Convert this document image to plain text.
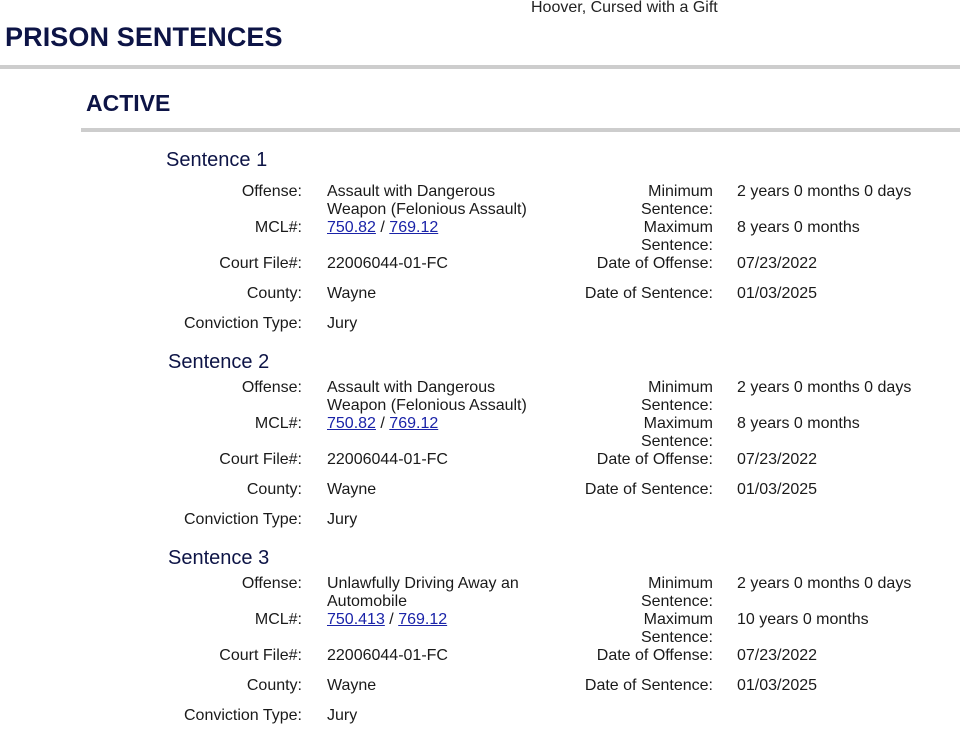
Hoover, Cursed with a Gift
PRISON SENTENCES
ACTIVE
Sentence 1
Offense: Assault with Dangerous Weapon (Felonious Assault)
MCL#: 750.82 / 769.12
Court File#: 22006044-01-FC
County: Wayne
Conviction Type: Jury
Minimum Sentence:
2 years 0 months 0 days
Maximum Sentence:
8 years 0 months
Date of Offense: 07/23/2022
Date of Sentence: 01/03/2025
Sentence 2
Offense: Assault with Dangerous Weapon (Felonious Assault)
MCL#: 750.82 / 769.12
Court File#: 22006044-01-FC
County: Wayne
Conviction Type: Jury
Minimum Sentence:
2 years 0 months 0 days
Maximum Sentence:
8 years 0 months
Date of Offense: 07/23/2022
Date of Sentence: 01/03/2025
Sentence 3
Offense: Unlawfully Driving Away an Automobile
MCL#: 750.413 / 769.12
Court File#: 22006044-01-FC
County: Wayne
Conviction Type: Jury
Minimum Sentence:
2 years 0 months 0 days
Maximum Sentence:
10 years 0 months
Date of Offense: 07/23/2022
Date of Sentence: 01/03/2025
